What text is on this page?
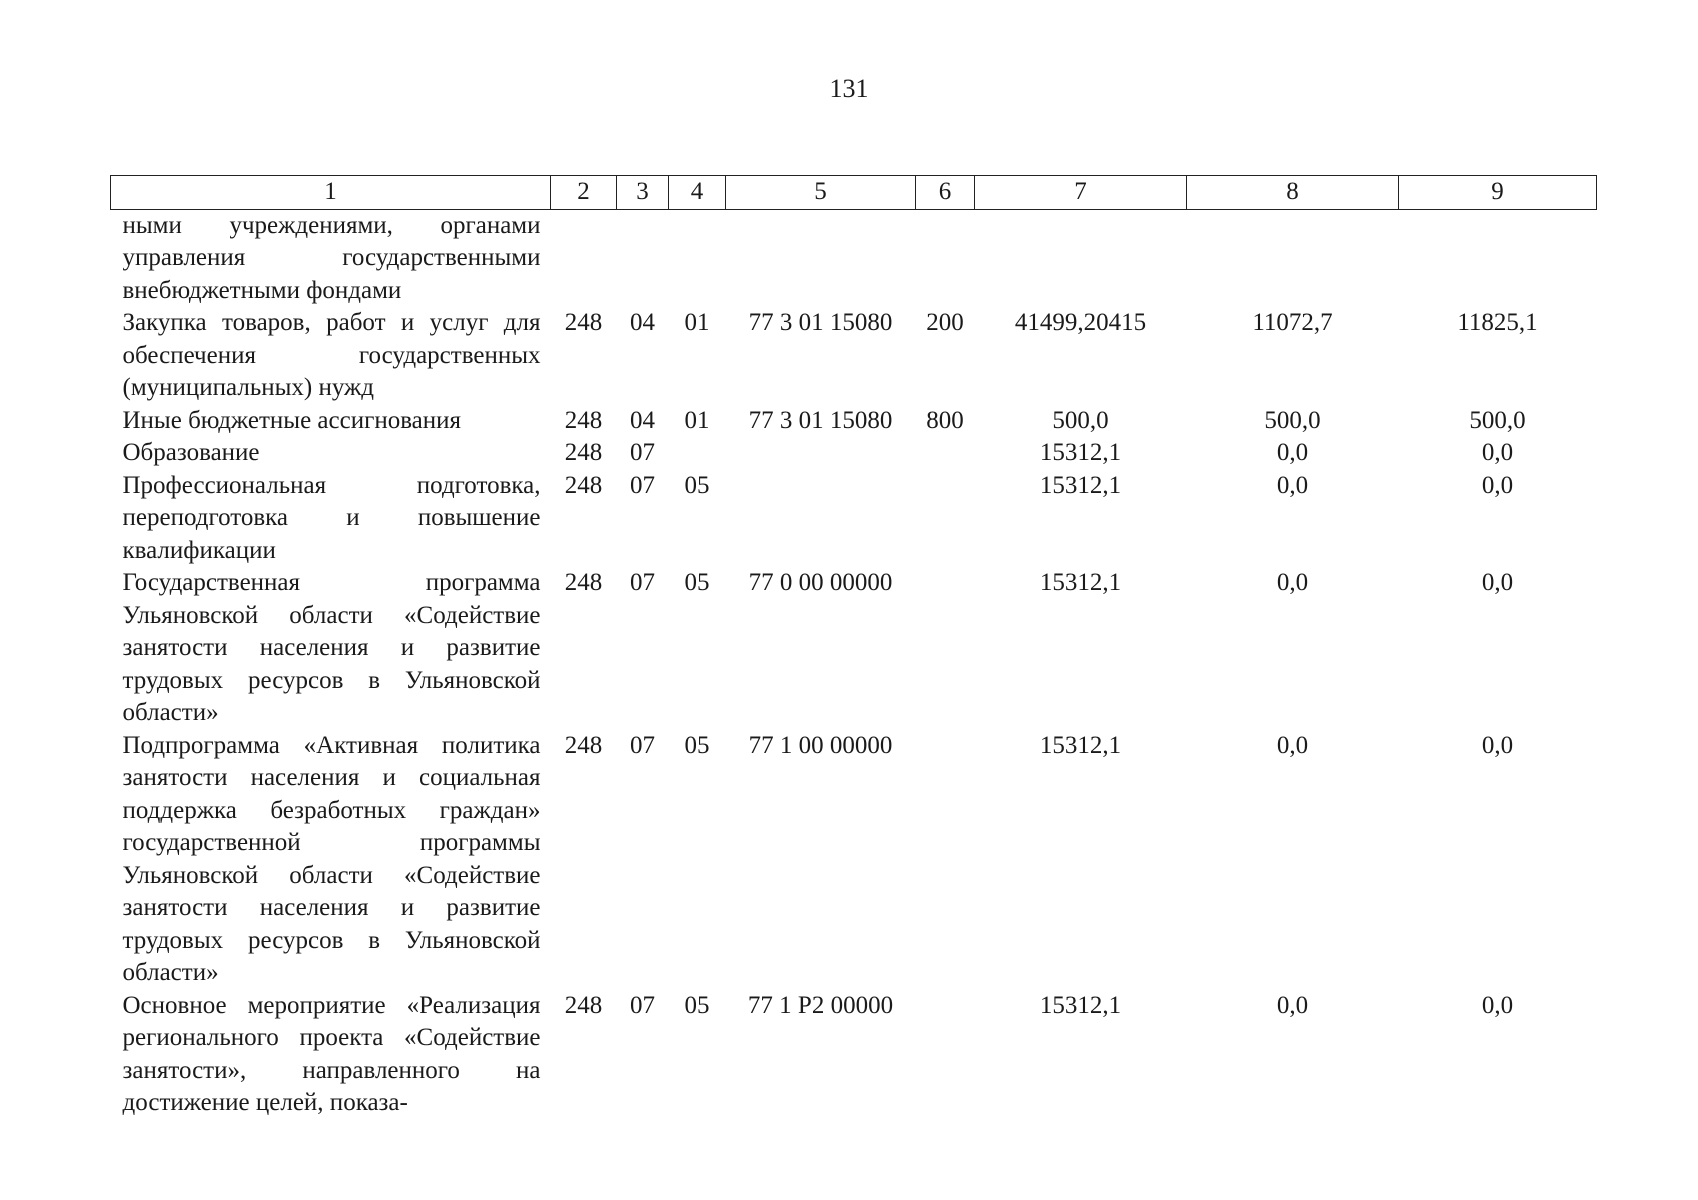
131
1	2	3	4	5	6	7	8	9
ными учреждениями, органами управления государственными внебюджетными фондами								
Закупка товаров, работ и услуг для обеспечения государственных (муниципальных) нужд	248	04	01	77 3 01 15080	200	41499,20415	11072,7	11825,1
Иные бюджетные ассигнования	248	04	01	77 3 01 15080	800	500,0	500,0	500,0
Образование	248	07				15312,1	0,0	0,0
Профессиональная подготовка, переподготовка и повышение квалификации	248	07	05			15312,1	0,0	0,0
Государственная программа Ульяновской области «Содействие занятости населения и развитие трудовых ресурсов в Ульяновской области»	248	07	05	77 0 00 00000		15312,1	0,0	0,0
Подпрограмма «Активная политика занятости населения и социальная поддержка безработных граждан» государственной программы Ульяновской области «Содействие занятости населения и развитие трудовых ресурсов в Ульяновской области»	248	07	05	77 1 00 00000		15312,1	0,0	0,0
Основное мероприятие «Реализация регионального проекта «Содействие занятости», направленного на достижение целей, показа-	248	07	05	77 1 Р2 00000		15312,1	0,0	0,0
